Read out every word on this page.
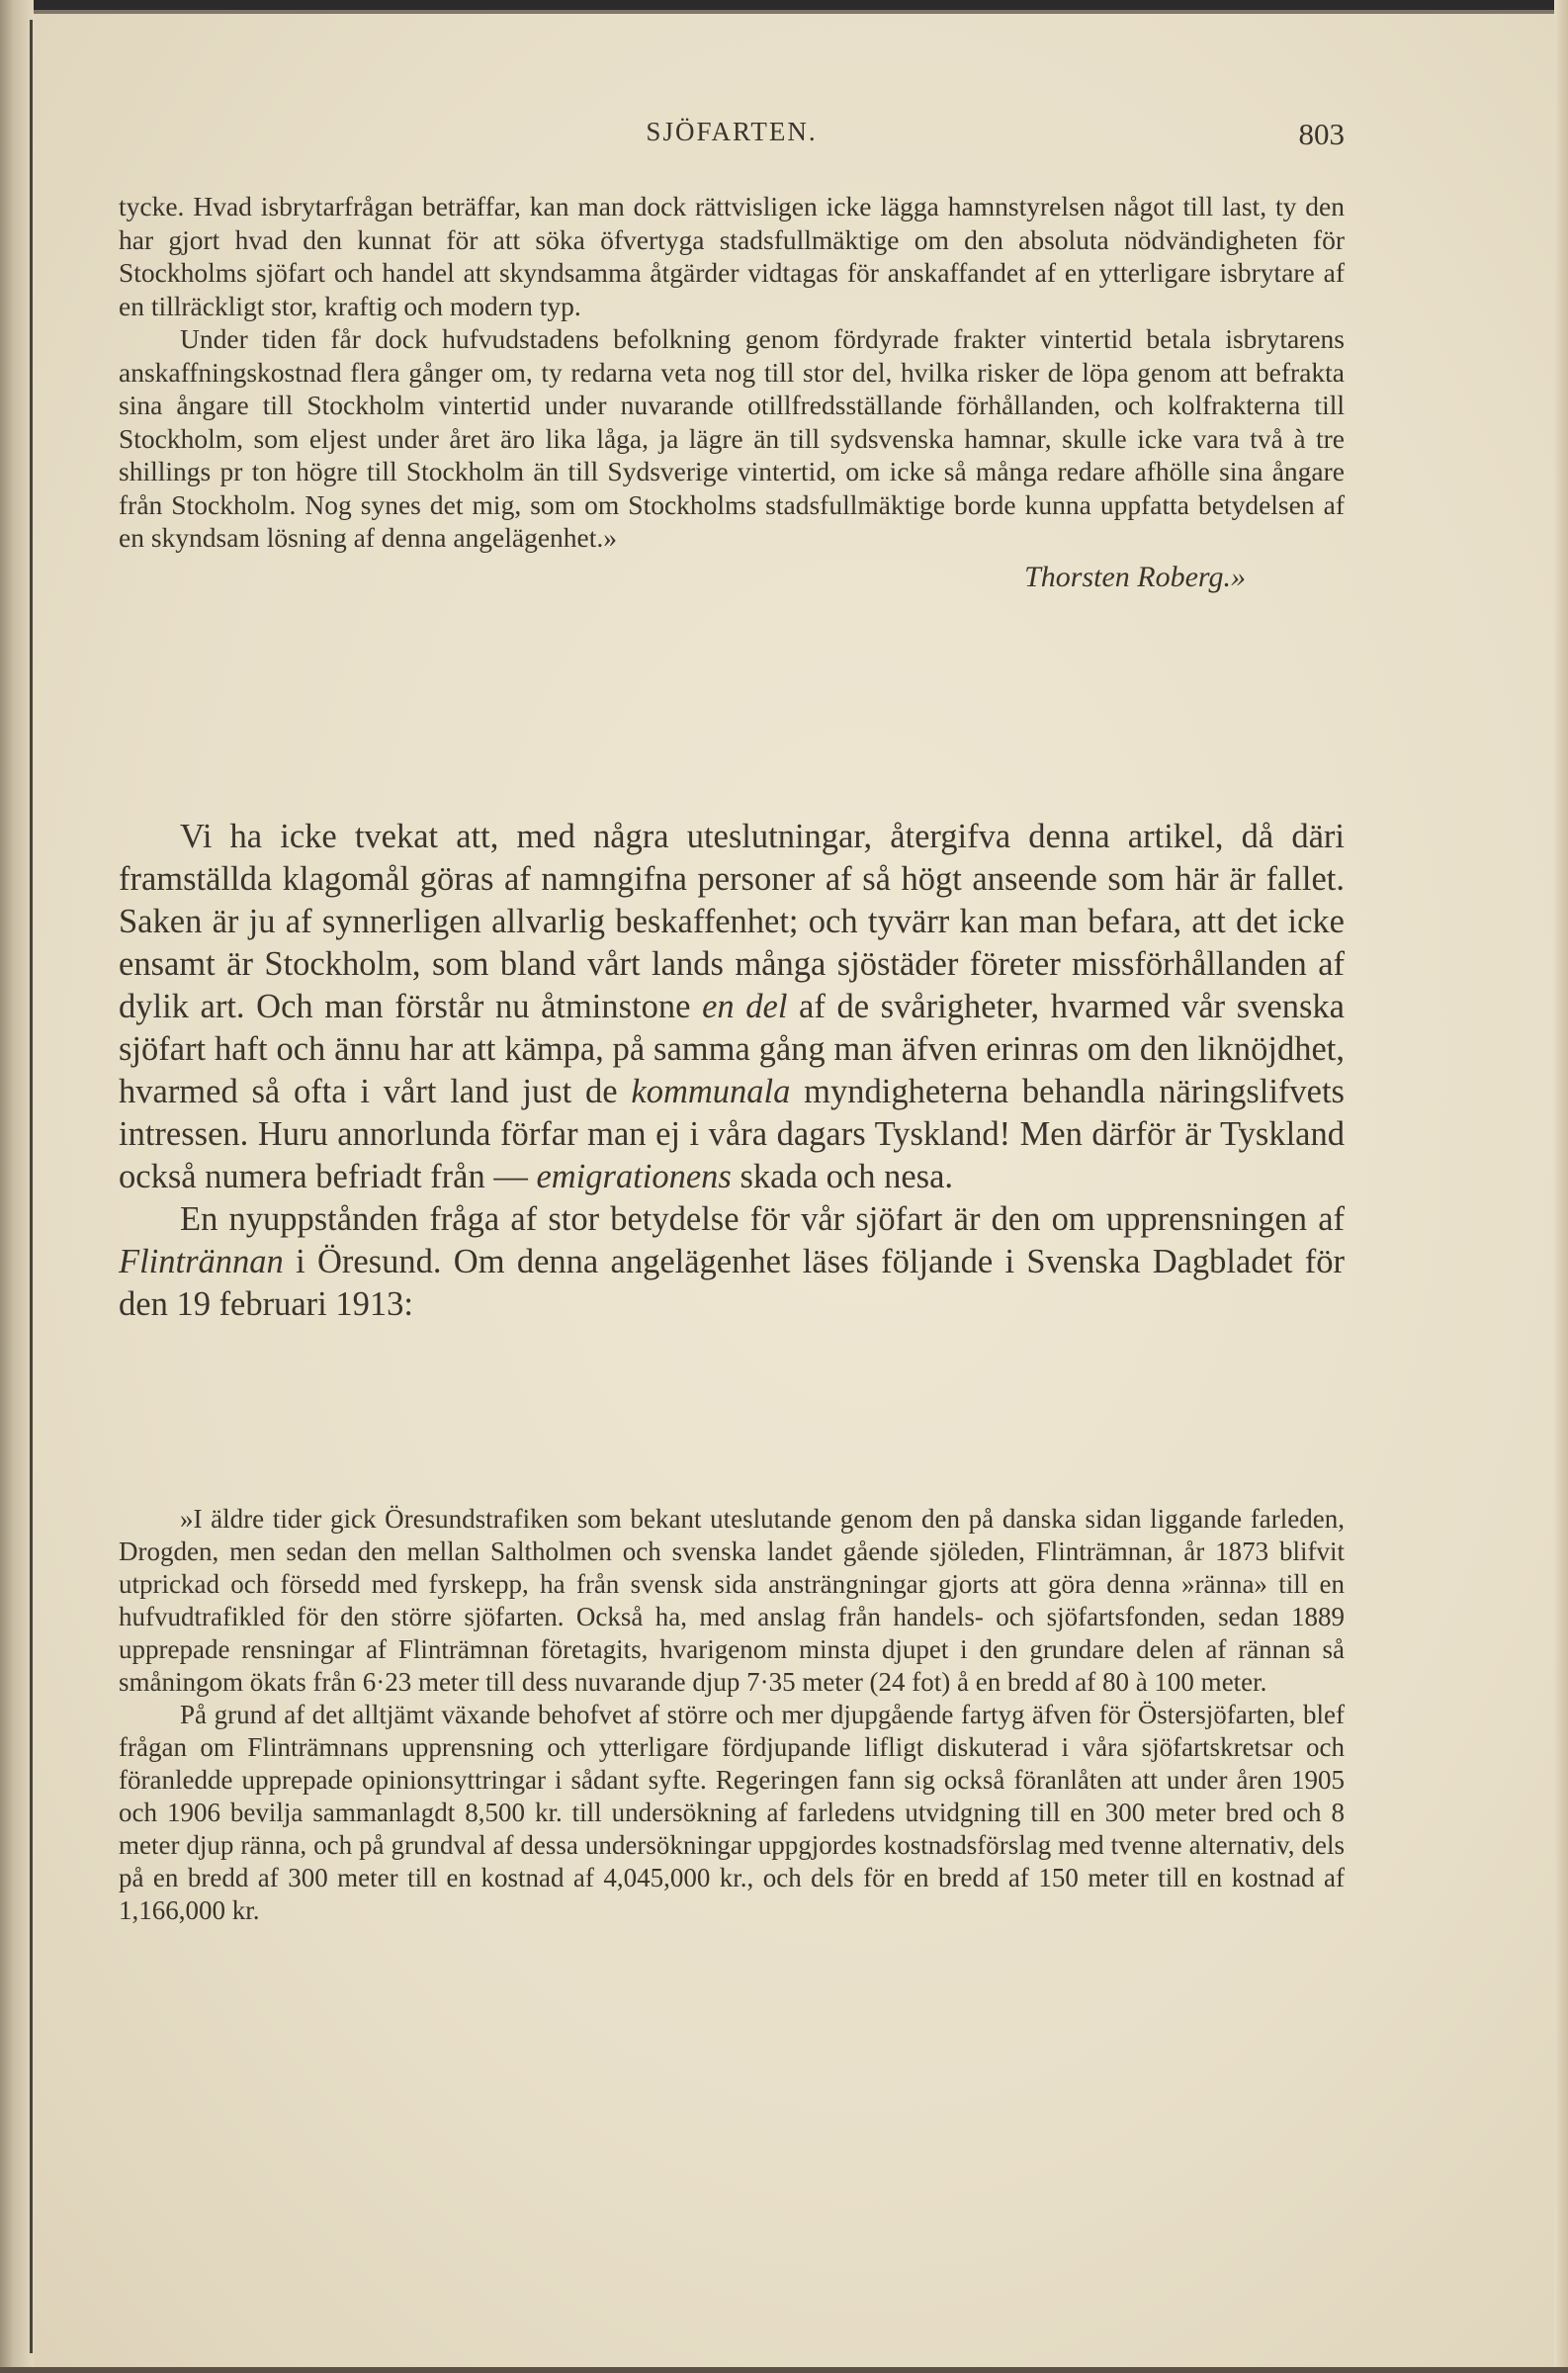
SJÖFARTEN.	803

tycke. Hvad isbrytarfrågan beträffar, kan man dock rättvisligen icke lägga hamnstyrelsen något till last, ty den har gjort hvad den kunnat för att söka öfvertyga stadsfullmäktige om den absoluta nödvändigheten för Stockholms sjöfart och handel att skyndsamma åtgärder vidtagas för anskaffandet af en ytterligare isbrytare af en tillräckligt stor, kraftig och modern typ.

Under tiden får dock hufvudstadens befolkning genom fördyrade frakter vintertid betala isbrytarens anskaffningskostnad flera gånger om, ty redarna veta nog till stor del, hvilka risker de löpa genom att befrakta sina ångare till Stockholm vintertid under nuvarande otillfredsställande förhållanden, och kolfrakterna till Stockholm, som eljest under året äro lika låga, ja lägre än till sydsvenska hamnar, skulle icke vara två à tre shillings pr ton högre till Stockholm än till Sydsverige vintertid, om icke så många redare afhölle sina ångare från Stockholm. Nog synes det mig, som om Stockholms stadsfullmäktige borde kunna uppfatta betydelsen af en skyndsam lösning af denna angelägenhet.»

Thorsten Roberg.»

Vi ha icke tvekat att, med några uteslutningar, återgifva denna artikel, då däri framställda klagomål göras af namngifna personer af så högt anseende som här är fallet. Saken är ju af synnerligen allvarlig beskaffenhet; och tyvärr kan man befara, att det icke ensamt är Stockholm, som bland vårt lands många sjöstäder företer missförhållanden af dylik art. Och man förstår nu åtminstone en del af de svårigheter, hvarmed vår svenska sjöfart haft och ännu har att kämpa, på samma gång man äfven erinras om den liknöjdhet, hvarmed så ofta i vårt land just de kommunala myndigheterna behandla näringslifvets intressen. Huru annorlunda förfar man ej i våra dagars Tyskland! Men därför är Tyskland också numera befriadt från — emigrationens skada och nesa.

En nyuppstånden fråga af stor betydelse för vår sjöfart är den om upprensningen af Flintrännan i Öresund. Om denna angelägenhet läses följande i Svenska Dagbladet för den 19 februari 1913:

»I äldre tider gick Öresundstrafiken som bekant uteslutande genom den på danska sidan liggande farleden, Drogden, men sedan den mellan Saltholmen och svenska landet gående sjöleden, Flinträmnan, år 1873 blifvit utprickad och försedd med fyrskepp, ha från svensk sida ansträngningar gjorts att göra denna »ränna» till en hufvudtrafikled för den större sjöfarten. Också ha, med anslag från handels- och sjöfartsfonden, sedan 1889 upprepade rensningar af Flinträmnan företagits, hvarigenom minsta djupet i den grundare delen af rännan så småningom ökats från 6·23 meter till dess nuvarande djup 7·35 meter (24 fot) å en bredd af 80 à 100 meter.

På grund af det alltjämt växande behofvet af större och mer djupgående fartyg äfven för Östersjöfarten, blef frågan om Flinträmnans upprensning och ytterligare fördjupande lifligt diskuterad i våra sjöfartskretsar och föranledde upprepade opinionsyttringar i sådant syfte. Regeringen fann sig också föranlåten att under åren 1905 och 1906 bevilja sammanlagdt 8,500 kr. till undersökning af farledens utvidgning till en 300 meter bred och 8 meter djup ränna, och på grundval af dessa undersökningar uppgjordes kostnadsförslag med tvenne alternativ, dels på en bredd af 300 meter till en kostnad af 4,045,000 kr., och dels för en bredd af 150 meter till en kostnad af 1,166,000 kr.
